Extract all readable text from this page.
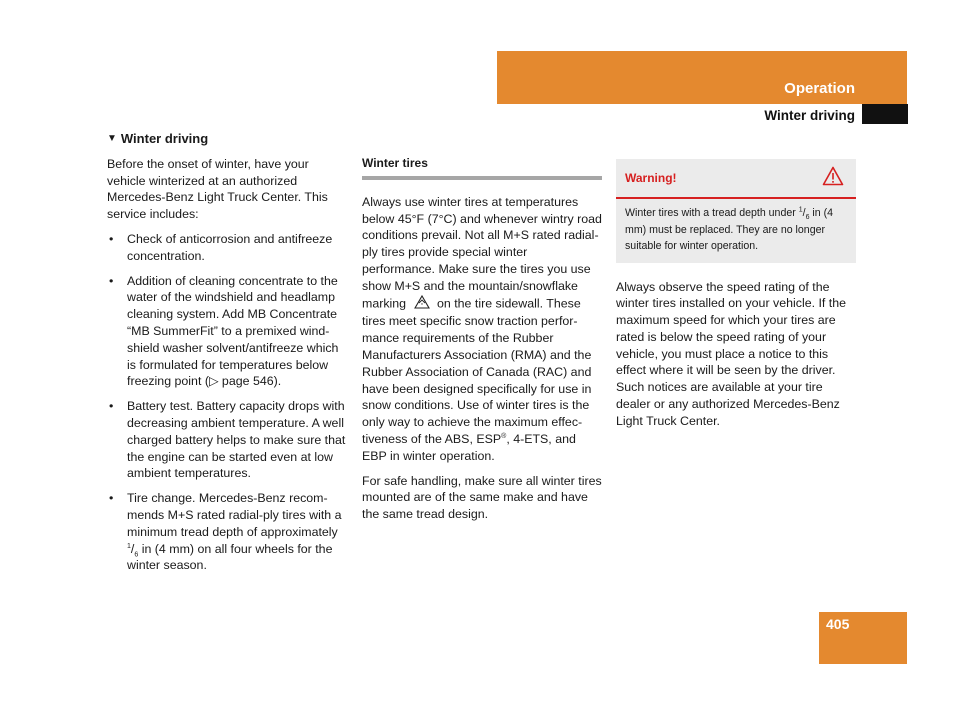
Operation
Winter driving
▼ Winter driving

Before the onset of winter, have your vehicle winterized at an authorized Mercedes-Benz Light Truck Center. This service includes:

• Check of anticorrosion and antifreeze concentration.
• Addition of cleaning concentrate to the water of the windshield and headlamp cleaning system. Add MB Concentrate “MB SummerFit” to a premixed wind-shield washer solvent/antifreeze which is formulated for temperatures below freezing point (▷ page 546).
• Battery test. Battery capacity drops with decreasing ambient temperature. A well charged battery helps to make sure that the engine can be started even at low ambient temperatures.
• Tire change. Mercedes-Benz recom-mends M+S rated radial-ply tires with a minimum tread depth of approximately $^1/_6$ in (4 mm) on all four wheels for the winter season.
Winter tires

Always use winter tires at temperatures below 45°F (7°C) and whenever wintry road conditions prevail. Not all M+S rated radial-ply tires provide special winter performance. Make sure the tires you use show M+S and the mountain/snowflake marking	* on the tire sidewall. These tires meet specific snow traction perfor-mance requirements of the Rubber Manufacturers Association (RMA) and the Rubber Association of Canada (RAC) and have been designed specifically for use in snow conditions. Use of winter tires is the only way to achieve the maximum effec-tiveness of the ABS, ESP®, 4-ETS, and EBP in winter operation.

For safe handling, make sure all winter tires mounted are of the same make and have the same tread design.

Warning!
Winter tires with a tread depth under $^1/_6$ in (4 mm) must be replaced. They are no longer suitable for winter operation.

Always observe the speed rating of the winter tires installed on your vehicle. If the maximum speed for which your tires are rated is below the speed rating of your vehicle, you must place a notice to this effect where it will be seen by the driver. Such notices are available at your tire dealer or any authorized Mercedes-Benz Light Truck Center.

405
